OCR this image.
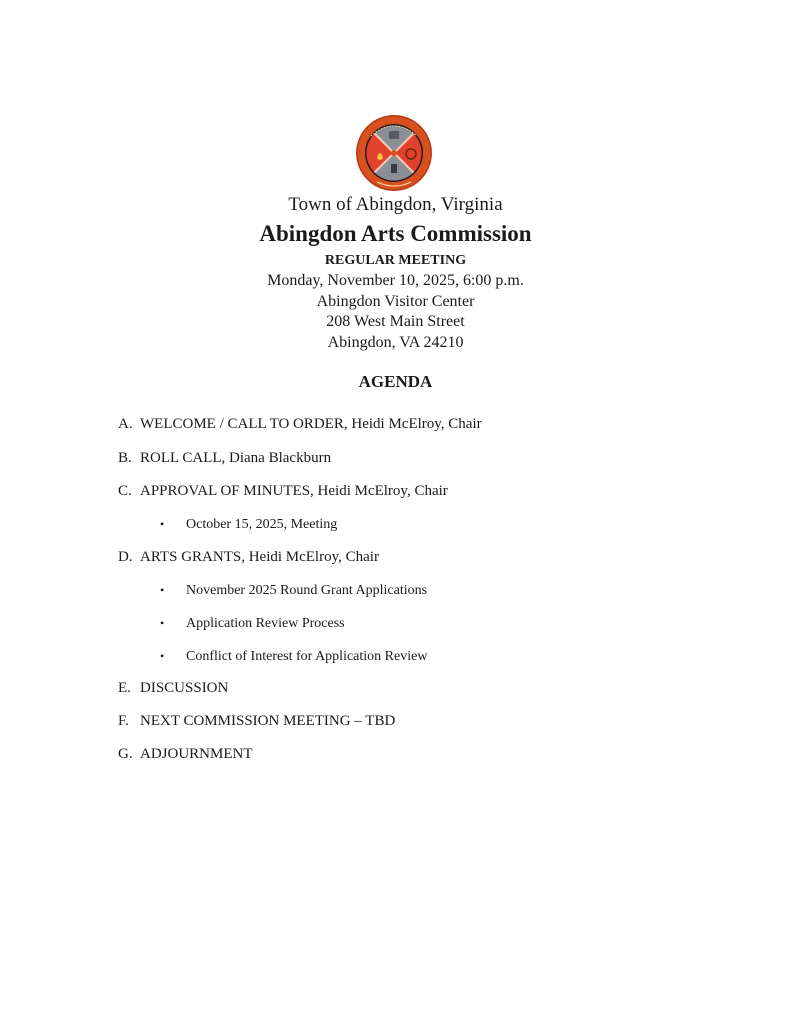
Town of Abingdon, Virginia
Abingdon Arts Commission
REGULAR MEETING
Monday, November 10, 2025, 6:00 p.m.
Abingdon Visitor Center
208 West Main Street
Abingdon, VA 24210
AGENDA
A. WELCOME / CALL TO ORDER, Heidi McElroy, Chair
B. ROLL CALL, Diana Blackburn
C. APPROVAL OF MINUTES, Heidi McElroy, Chair
• October 15, 2025, Meeting
D. ARTS GRANTS, Heidi McElroy, Chair
• November 2025 Round Grant Applications
• Application Review Process
• Conflict of Interest for Application Review
E. DISCUSSION
F. NEXT COMMISSION MEETING – TBD
G. ADJOURNMENT
